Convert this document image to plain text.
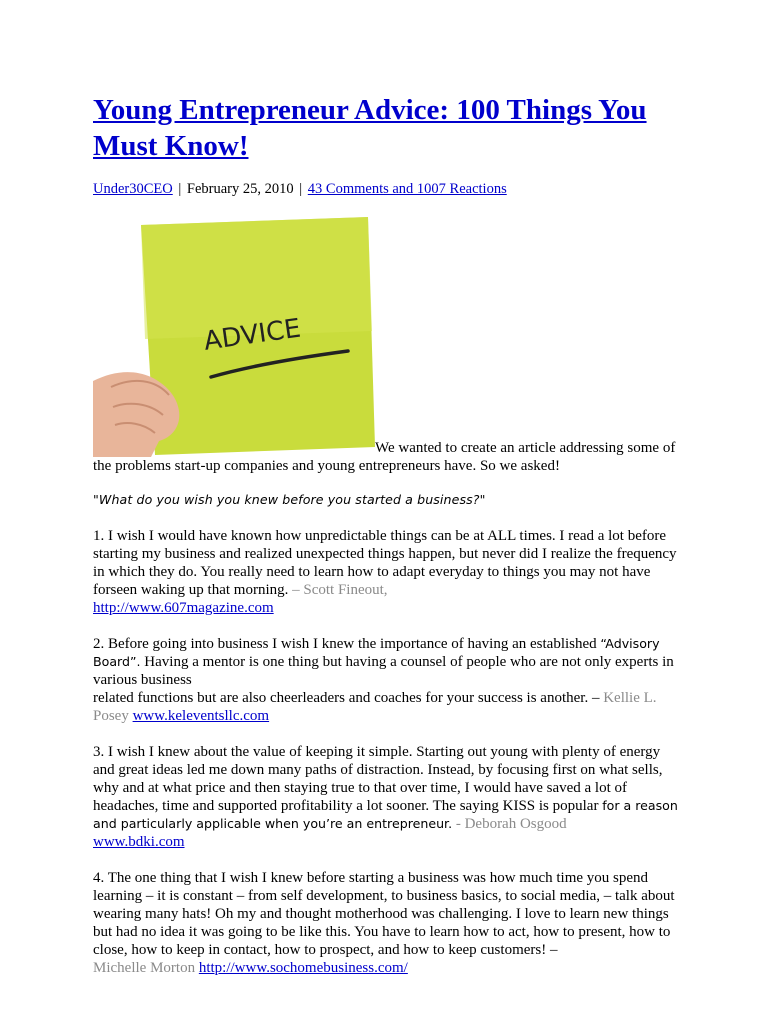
Young Entrepreneur Advice: 100 Things You Must Know!
Under30CEO | February 25, 2010 | 43 Comments and 1007 Reactions
ADVICE
We wanted to create an article addressing some of the problems start-up companies and young entrepreneurs have. So we asked!
"What do you wish you knew before you started a business?"
1. I wish I would have known how unpredictable things can be at ALL times. I read a lot before starting my business and realized unexpected things happen, but never did I realize the frequency in which they do. You really need to learn how to adapt everyday to things you may not have forseen waking up that morning. – Scott Fineout,
http://www.607magazine.com
2. Before going into business I wish I knew the importance of having an established “Advisory Board”. Having a mentor is one thing but having a counsel of people who are not only experts in various business
related functions but are also cheerleaders and coaches for your success is another. – Kellie L. Posey www.keleventsllc.com
3. I wish I knew about the value of keeping it simple. Starting out young with plenty of energy and great ideas led me down many paths of distraction. Instead, by focusing first on what sells, why and at what price and then staying true to that over time, I would have saved a lot of headaches, time and supported profitability a lot sooner. The saying KISS is popular for a reason and particularly applicable when you’re an entrepreneur. - Deborah Osgood
www.bdki.com
4. The one thing that I wish I knew before starting a business was how much time you spend learning – it is constant – from self development, to business basics, to social media, – talk about wearing many hats! Oh my and thought motherhood was challenging. I love to learn new things but had no idea it was going to be like this. You have to learn how to act, how to present, how to close, how to keep in contact, how to prospect, and how to keep customers! –
Michelle Morton http://www.sochomebusiness.com/
